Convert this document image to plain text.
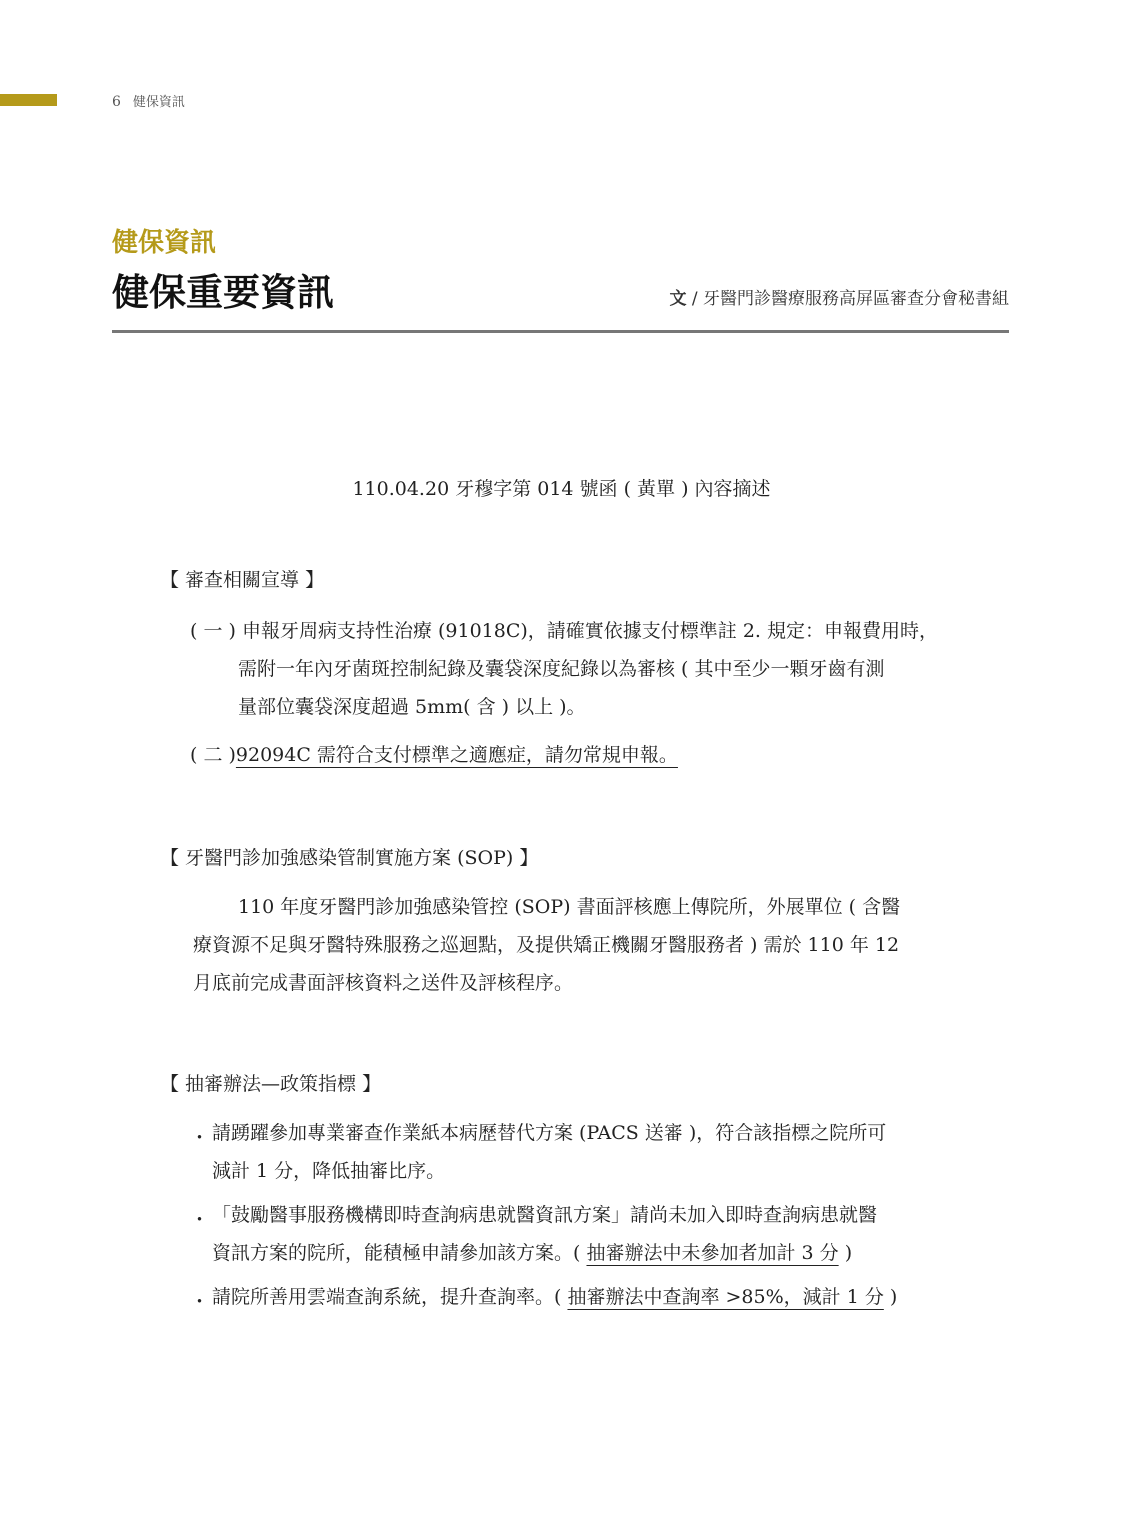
6 健保資訊
健保資訊
健保重要資訊	文 / 牙醫門診醫療服務高屏區審查分會秘書組
110.04.20 牙穆字第 014 號函 ( 黃單 ) 內容摘述
【 審查相關宣導 】
( 一 ) 申報牙周病支持性治療 (91018C)，請確實依據支付標準註 2. 規定：申報費用時，
需附一年內牙菌斑控制紀錄及囊袋深度紀錄以為審核 ( 其中至少一顆牙齒有測
量部位囊袋深度超過 5mm( 含 ) 以上 )。
( 二 )92094C 需符合支付標準之適應症，請勿常規申報。
【 牙醫門診加強感染管制實施方案 (SOP) 】
110 年度牙醫門診加強感染管控 (SOP) 書面評核應上傳院所，外展單位 ( 含醫
療資源不足與牙醫特殊服務之巡迴點，及提供矯正機關牙醫服務者 ) 需於 110 年 12
月底前完成書面評核資料之送件及評核程序。
【 抽審辦法—政策指標 】
・ 請踴躍參加專業審查作業紙本病歷替代方案 (PACS 送審 )，符合該指標之院所可
減計 1 分，降低抽審比序。
・ 「鼓勵醫事服務機構即時查詢病患就醫資訊方案」請尚未加入即時查詢病患就醫
資訊方案的院所，能積極申請參加該方案。( 抽審辦法中未參加者加計 3 分 )
・ 請院所善用雲端查詢系統，提升查詢率。( 抽審辦法中查詢率 >85%，減計 1 分 )
